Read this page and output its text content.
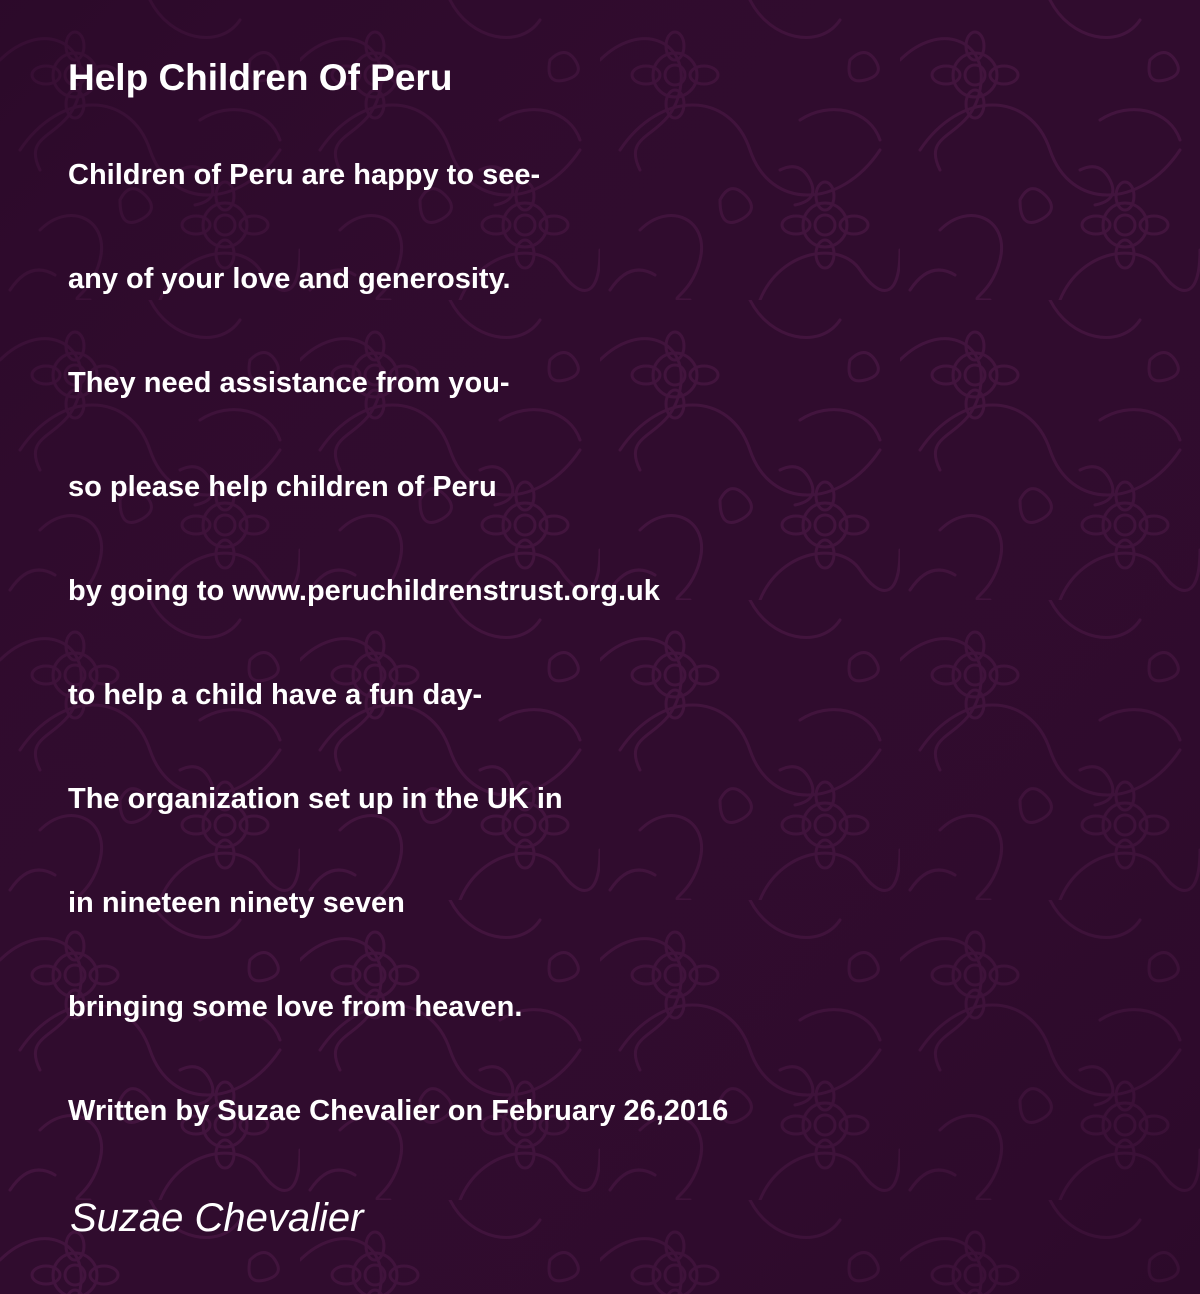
Help Children Of Peru
Children of Peru are happy to see-
any of your love and generosity.
They need assistance from you-
so please help children of Peru
by going to www.peruchildrenstrust.org.uk
to help a child have a fun day-
The organization set up in the UK in
in nineteen ninety seven
bringing some love from heaven.

Written by Suzae Chevalier on February 26,2016

Suzae Chevalier
